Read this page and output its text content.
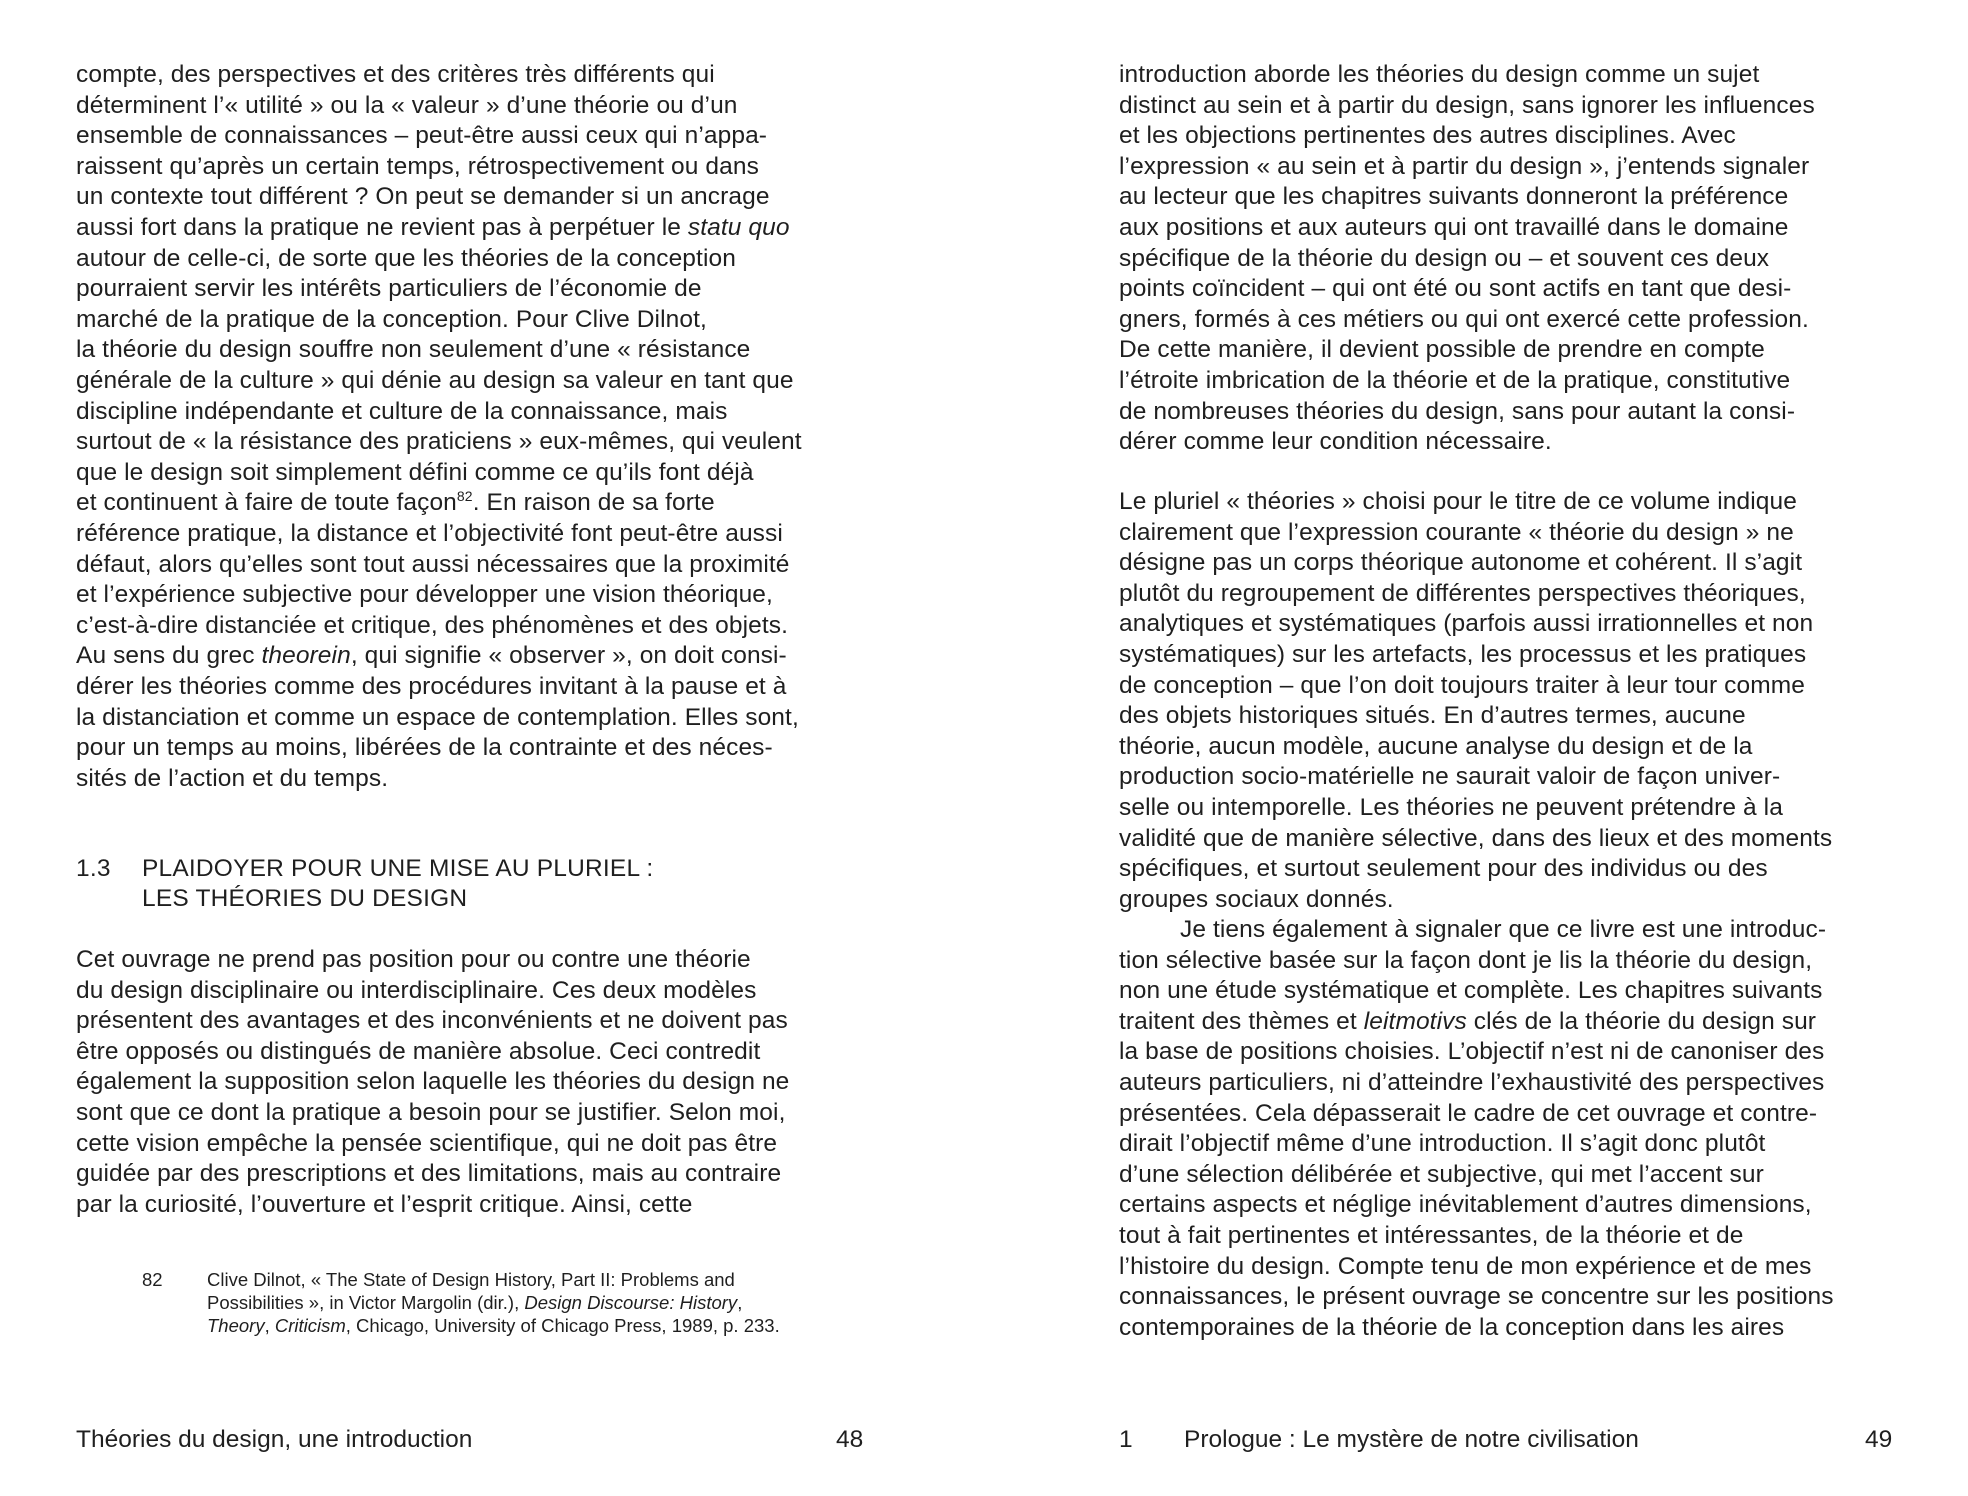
compte, des perspectives et des critères très différents qui
déterminent l’« utilité » ou la « valeur » d’une théorie ou d’un
ensemble de connaissances – peut-être aussi ceux qui n’appa-
raissent qu’après un certain temps, rétrospectivement ou dans
un contexte tout différent ? On peut se demander si un ancrage
aussi fort dans la pratique ne revient pas à perpétuer le statu quo
autour de celle-ci, de sorte que les théories de la conception
pourraient servir les intérêts particuliers de l’économie de
marché de la pratique de la conception. Pour Clive Dilnot,
la théorie du design souffre non seulement d’une « résistance
générale de la culture » qui dénie au design sa valeur en tant que
discipline indépendante et culture de la connaissance, mais
surtout de « la résistance des praticiens » eux-mêmes, qui veulent
que le design soit simplement défini comme ce qu’ils font déjà
et continuent à faire de toute façon$^{82}$. En raison de sa forte
référence pratique, la distance et l’objectivité font peut-être aussi
défaut, alors qu’elles sont tout aussi nécessaires que la proximité
et l’expérience subjective pour développer une vision théorique,
c’est-à-dire distanciée et critique, des phénomènes et des objets.
Au sens du grec theorein, qui signifie « observer », on doit consi-
dérer les théories comme des procédures invitant à la pause et à
la distanciation et comme un espace de contemplation. Elles sont,
pour un temps au moins, libérées de la contrainte et des néces-
sités de l’action et du temps.
1.3 PLAIDOYER POUR UNE MISE AU PLURIEL :
LES THÉORIES DU DESIGN
Cet ouvrage ne prend pas position pour ou contre une théorie
du design disciplinaire ou interdisciplinaire. Ces deux modèles
présentent des avantages et des inconvénients et ne doivent pas
être opposés ou distingués de manière absolue. Ceci contredit
également la supposition selon laquelle les théories du design ne
sont que ce dont la pratique a besoin pour se justifier. Selon moi,
cette vision empêche la pensée scientifique, qui ne doit pas être
guidée par des prescriptions et des limitations, mais au contraire
par la curiosité, l’ouverture et l’esprit critique. Ainsi, cette
82 Clive Dilnot, « The State of Design History, Part II: Problems and
Possibilities », in Victor Margolin (dir.), Design Discourse: History,
Theory, Criticism, Chicago, University of Chicago Press, 1989, p. 233.
Théories du design, une introduction	48
introduction aborde les théories du design comme un sujet
distinct au sein et à partir du design, sans ignorer les influences
et les objections pertinentes des autres disciplines. Avec
l’expression « au sein et à partir du design », j’entends signaler
au lecteur que les chapitres suivants donneront la préférence
aux positions et aux auteurs qui ont travaillé dans le domaine
spécifique de la théorie du design ou – et souvent ces deux
points coïncident – qui ont été ou sont actifs en tant que desi-
gners, formés à ces métiers ou qui ont exercé cette profession.
De cette manière, il devient possible de prendre en compte
l’étroite imbrication de la théorie et de la pratique, constitutive
de nombreuses théories du design, sans pour autant la consi-
dérer comme leur condition nécessaire.
Le pluriel « théories » choisi pour le titre de ce volume indique
clairement que l’expression courante « théorie du design » ne
désigne pas un corps théorique autonome et cohérent. Il s’agit
plutôt du regroupement de différentes perspectives théoriques,
analytiques et systématiques (parfois aussi irrationnelles et non
systématiques) sur les artefacts, les processus et les pratiques
de conception – que l’on doit toujours traiter à leur tour comme
des objets historiques situés. En d’autres termes, aucune
théorie, aucun modèle, aucune analyse du design et de la
production socio-matérielle ne saurait valoir de façon univer-
selle ou intemporelle. Les théories ne peuvent prétendre à la
validité que de manière sélective, dans des lieux et des moments
spécifiques, et surtout seulement pour des individus ou des
groupes sociaux donnés.
Je tiens également à signaler que ce livre est une introduc-
tion sélective basée sur la façon dont je lis la théorie du design,
non une étude systématique et complète. Les chapitres suivants
traitent des thèmes et leitmotivs clés de la théorie du design sur
la base de positions choisies. L’objectif n’est ni de canoniser des
auteurs particuliers, ni d’atteindre l’exhaustivité des perspectives
présentées. Cela dépasserait le cadre de cet ouvrage et contre-
dirait l’objectif même d’une introduction. Il s’agit donc plutôt
d’une sélection délibérée et subjective, qui met l’accent sur
certains aspects et néglige inévitablement d’autres dimensions,
tout à fait pertinentes et intéressantes, de la théorie et de
l’histoire du design. Compte tenu de mon expérience et de mes
connaissances, le présent ouvrage se concentre sur les positions
contemporaines de la théorie de la conception dans les aires
1 Prologue : Le mystère de notre civilisation	49
